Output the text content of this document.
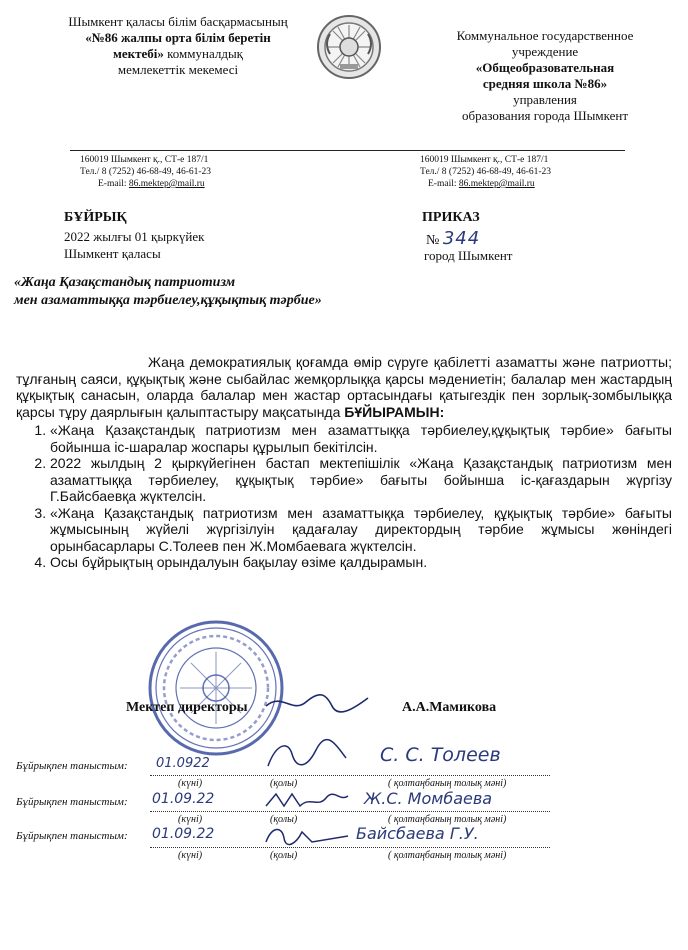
Шымкент қаласы білім басқармасының
«№86 жалпы орта білім беретін
мектебі» коммуналдық
мемлекеттік мекемесі
Коммунальное государственное
учреждение
«Общеобразовательная
средняя школа №86»
управления
образования города Шымкент
160019 Шымкент қ., СТ-е 187/1
Тел./ 8 (7252) 46-68-49, 46-61-23
E-mail: 86.mektep@mail.ru
160019 Шымкент қ., СТ-е 187/1
Тел./ 8 (7252) 46-68-49, 46-61-23
E-mail: 86.mektep@mail.ru
БҰЙРЫҚ
2022 жылғы 01 қыркүйек
Шымкент қаласы
ПРИКАЗ
№ 344
город Шымкент
«Жаңа Қазақстандық патриотизм
мен азаматтыққа тәрбиелеу,құқықтық тәрбие»

Жаңа демократиялық қоғамда өмір сүруге қабілетті азаматты және патриотты; тұлғаның саяси, құқықтық және сыбайлас жемқорлыққа қарсы мәдениетін; балалар мен жастардың құқықтық санасын, оларда балалар мен жастар ортасындағы қатыгездік пен зорлық-зомбылыққа қарсы тұру даярлығын қалыптастыру мақсатында БҰЙЫРАМЫН:

1. «Жаңа Қазақстандық патриотизм мен азаматтыққа тәрбиелеу,құқықтық тәрбие» бағыты бойынша іс-шаралар жоспары құрылып бекітілсін.
2. 2022 жылдың 2 қыркүйегінен бастап мектепішілік «Жаңа Қазақстандық патриотизм мен азаматтыққа тәрбиелеу, құқықтық тәрбие» бағыты бойынша іс-қағаздарын жүргізу Г.Байсбаевқа жүктелсін.
3. «Жаңа Қазақстандық патриотизм мен азаматтыққа тәрбиелеу, құқықтық тәрбие» бағыты жұмысының жүйелі жүргізілуін қадағалау директордың тәрбие жұмысы жөніндегі орынбасарлары С.Толеев пен Ж.Момбаевага жүктелсін.
4. Осы бұйрықтың орындалуын бақылау өзіме қалдырамын.
Мектеп директоры	А.А.Мамикова
Бұйрықпен таныстым: 01.0922	С. С. Толеев
(күні)	(қолы)	( қолтаңбаның толық мәні)
Бұйрықпен таныстым: 01.09.22	Ж.С. Момбаева
(күні)	(қолы)	( қолтаңбаның толық мәні)
Бұйрықпен таныстым: 01.09.22	Байсбаева Г.У.
(күні)	(қолы)	( қолтаңбаның толық мәні)
